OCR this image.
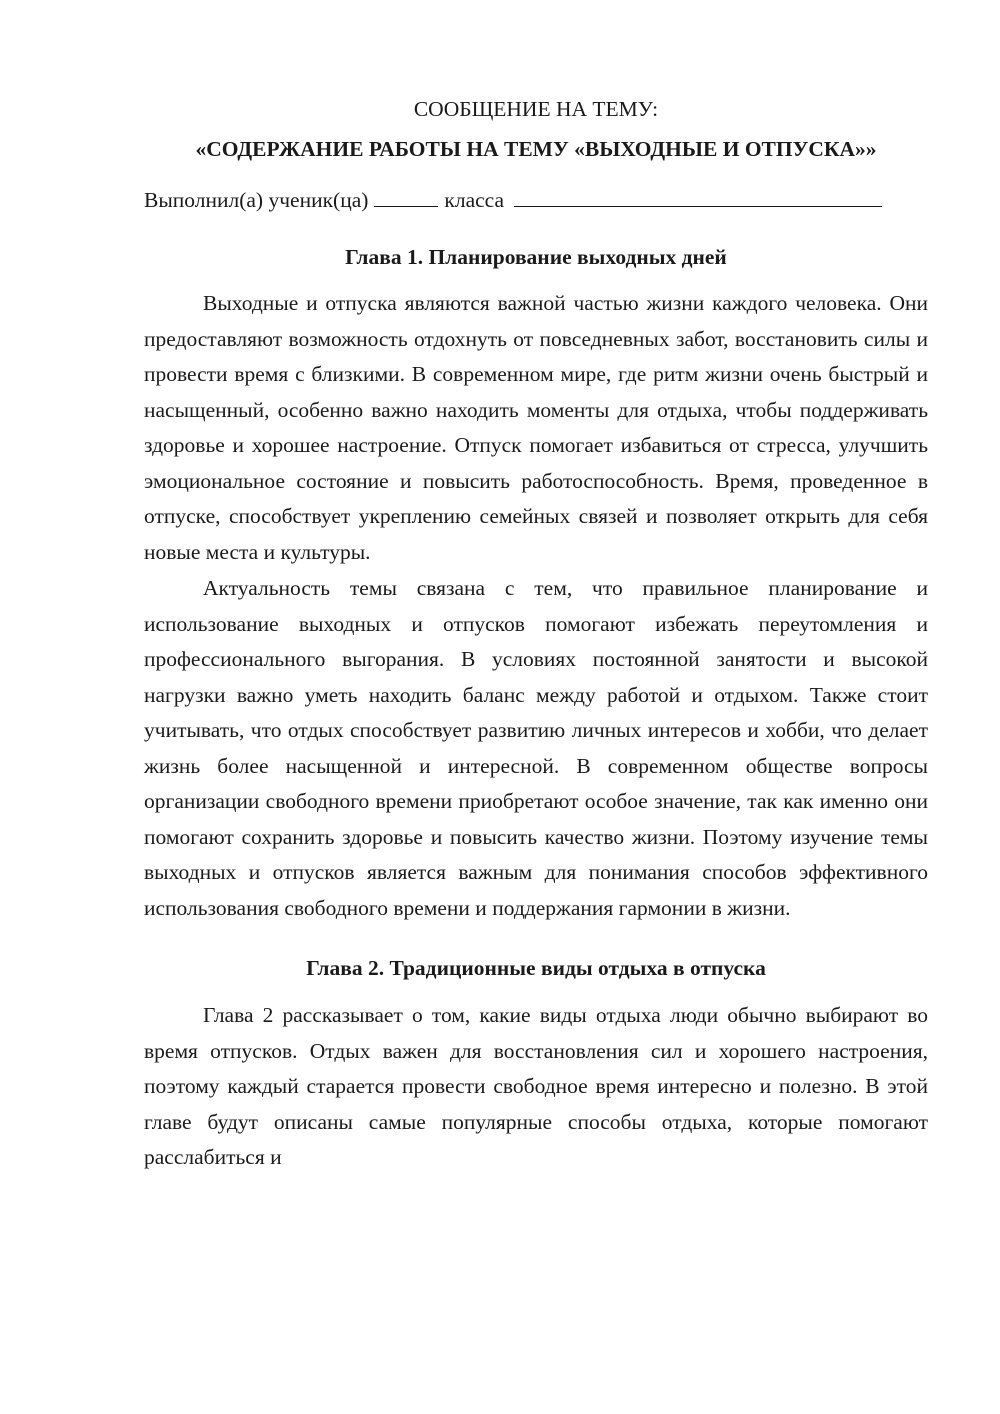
СООБЩЕНИЕ НА ТЕМУ:

«СОДЕРЖАНИЕ РАБОТЫ НА ТЕМУ «ВЫХОДНЫЕ И ОТПУСКА»»

Выполнил(а) ученик(ца)	класса

Глава 1. Планирование выходных дней

Выходные и отпуска являются важной частью жизни каждого человека. Они предоставляют возможность отдохнуть от повседневных забот, восстановить силы и провести время с близкими. В современном мире, где ритм жизни очень быстрый и насыщенный, особенно важно находить моменты для отдыха, чтобы поддерживать здоровье и хорошее настроение. Отпуск помогает избавиться от стресса, улучшить эмоциональное состояние и повысить работоспособность. Время, проведенное в отпуске, способствует укреплению семейных связей и позволяет открыть для себя новые места и культуры.

Актуальность темы связана с тем, что правильное планирование и использование выходных и отпусков помогают избежать переутомления и профессионального выгорания. В условиях постоянной занятости и высокой нагрузки важно уметь находить баланс между работой и отдыхом. Также стоит учитывать, что отдых способствует развитию личных интересов и хобби, что делает жизнь более насыщенной и интересной. В современном обществе вопросы организации свободного времени приобретают особое значение, так как именно они помогают сохранить здоровье и повысить качество жизни. Поэтому изучение темы выходных и отпусков является важным для понимания способов эффективного использования свободного времени и поддержания гармонии в жизни.

Глава 2. Традиционные виды отдыха в отпуска

Глава 2 рассказывает о том, какие виды отдыха люди обычно выбирают во время отпусков. Отдых важен для восстановления сил и хорошего настроения, поэтому каждый старается провести свободное время интересно и полезно. В этой главе будут описаны самые популярные способы отдыха, которые помогают расслабиться и
